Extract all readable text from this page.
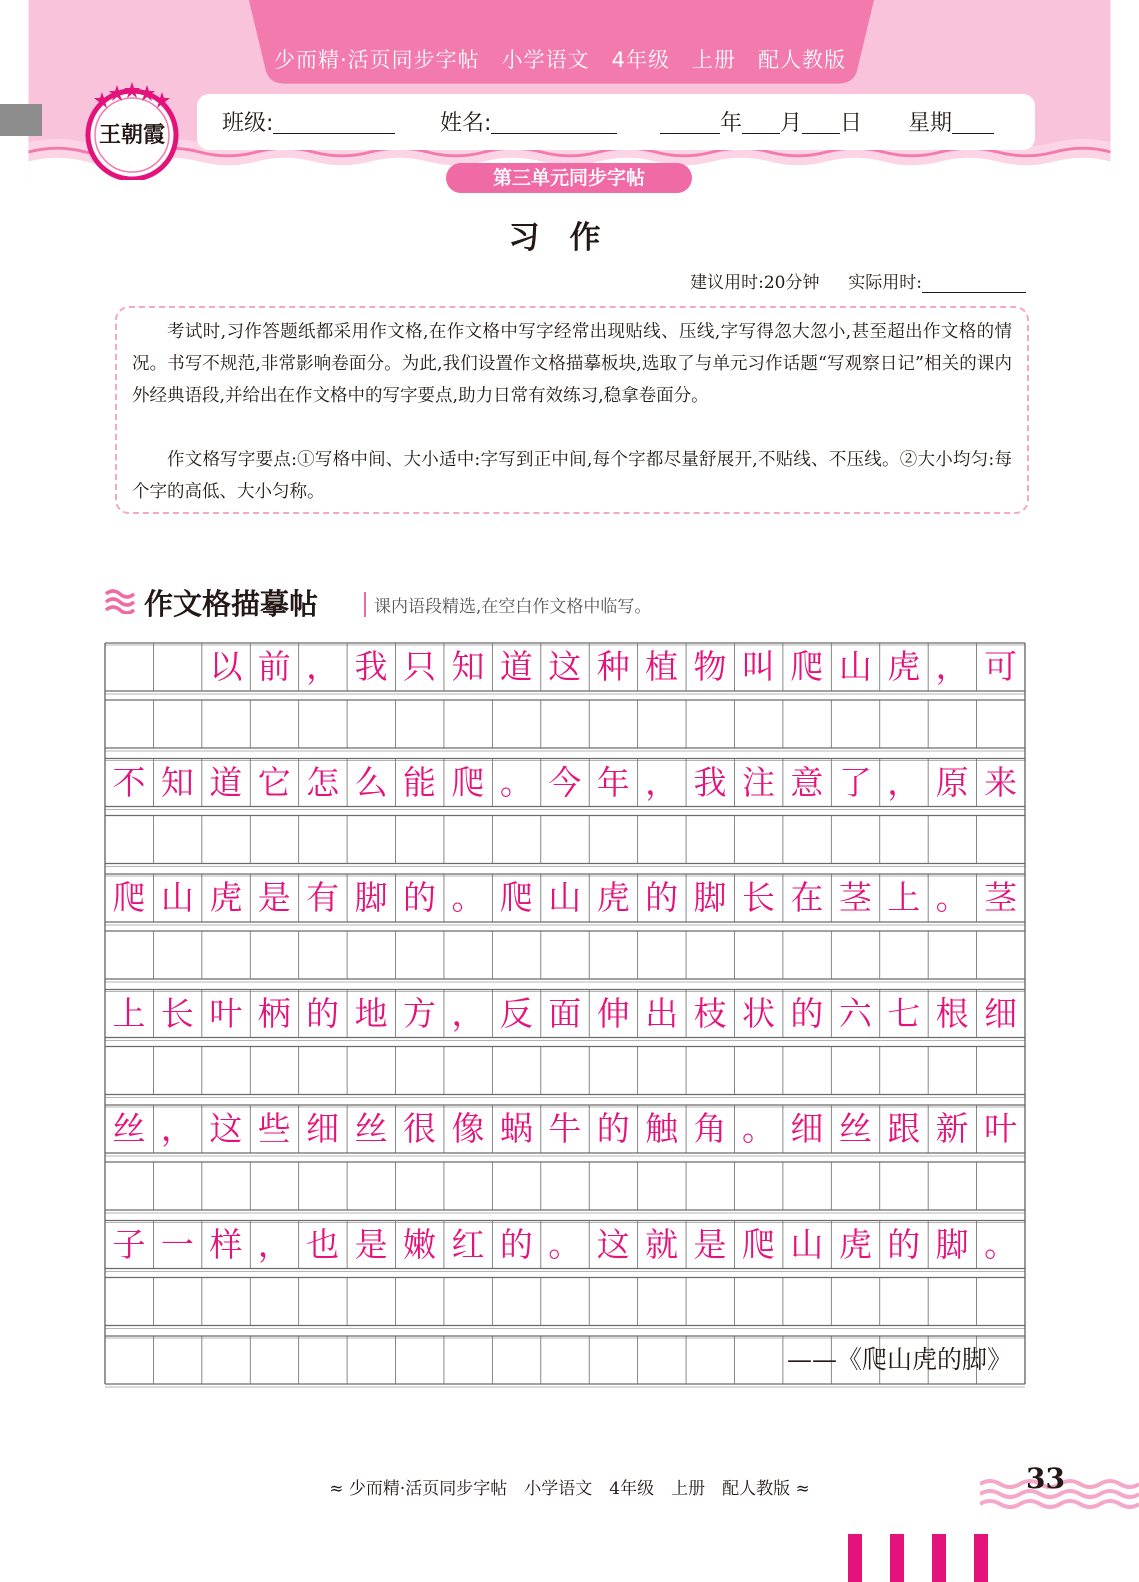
少而精·活页同步字帖　小学语文　4年级　上册　配人教版
班级:	姓名:	年 月 日 星期
王朝霞
第三单元同步字帖
习作
建议用时:20分钟 实际用时:

考试时,习作答题纸都采用作文格,在作文格中写字经常出现贴线、压线,字写得忽大忽小,甚至超出作文格的情况。书写不规范,非常影响卷面分。为此,我们设置作文格描摹板块,选取了与单元习作话题“写观察日记”相关的课内外经典语段,并给出在作文格中的写字要点,助力日常有效练习,稳拿卷面分。

作文格写字要点:①写格中间、大小适中:字写到正中间,每个字都尽量舒展开,不贴线、不压线。②大小均匀:每个字的高低、大小匀称。

作文格描摹帖	课内语段精选,在空白作文格中临写。
以 前 ， 我 只 知 道 这 种 植 物 叫 爬 山 虎 ， 可
不 知 道 它 怎 么 能 爬 。 今 年 ， 我 注 意 了 ， 原 来
爬 山 虎 是 有 脚 的 。 爬 山 虎 的 脚 长 在 茎 上 。 茎
上 长 叶 柄 的 地 方 ， 反 面 伸 出 枝 状 的 六 七 根 细
丝 ， 这 些 细 丝 很 像 蜗 牛 的 触 角 。 细 丝 跟 新 叶
子 一 样 ， 也 是 嫩 红 的 。 这 就 是 爬 山 虎 的 脚 。
——《爬山虎的脚》
≈ 少而精·活页同步字帖　小学语文　4年级　上册　配人教版 ≈	33
